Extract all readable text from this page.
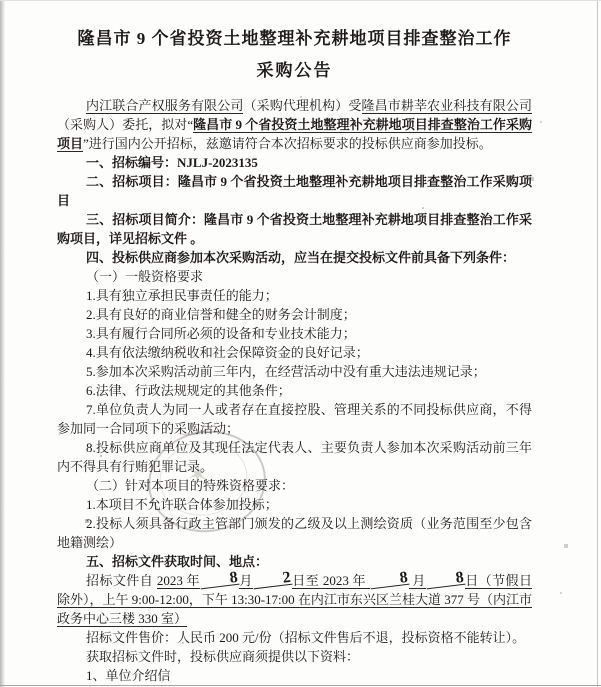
隆昌市 9 个省投资土地整理补充耕地项目排查整治工作
采购公告

内江联合产权服务有限公司（采购代理机构）受隆昌市耕莘农业科技有限公司（采购人）委托，拟对“隆昌市 9 个省投资土地整理补充耕地项目排查整治工作采购项目”进行国内公开招标，兹邀请符合本次招标要求的投标供应商参加投标。

一、招标编号：NJLJ-2023135

二、招标项目：隆昌市 9 个省投资土地整理补充耕地项目排查整治工作采购项目

三、招标项目简介：隆昌市 9 个省投资土地整理补充耕地项目排查整治工作采购项目，详见招标文件 。

四、投标供应商参加本次采购活动，应当在提交投标文件前具备下列条件：

（一）一般资格要求

1.具有独立承担民事责任的能力；

2.具有良好的商业信誉和健全的财务会计制度；

3.具有履行合同所必须的设备和专业技术能力；

4.具有依法缴纳税收和社会保障资金的良好记录；

5.参加本次采购活动前三年内，在经营活动中没有重大违法违规记录；

6.法律、行政法规规定的其他条件；

7.单位负责人为同一人或者存在直接控股、管理关系的不同投标供应商，不得参加同一合同项下的采购活动；

8.投标供应商单位及其现任法定代表人、主要负责人参加本次采购活动前三年内不得具有行贿犯罪记录。

（二）针对本项目的特殊资格要求：

1.本项目不允许联合体参加投标；

2.投标人须具备行政主管部门颁发的乙级及以上测绘资质（业务范围至少包含地籍测绘）

五、招标文件获取时间、地点：

招标文件自 2023 年 8月 2日至 2023 年 8 月 8日（节假日除外），上午 9:00-12:00，下午 13:30-17:00 在内江市东兴区兰桂大道 377 号（内江市政务中心三楼 330 室）

招标文件售价：人民币 200 元/份（招标文件售后不退，投标资格不能转让）。

获取招标文件时，投标供应商须提供以下资料：

1、单位介绍信

✶
